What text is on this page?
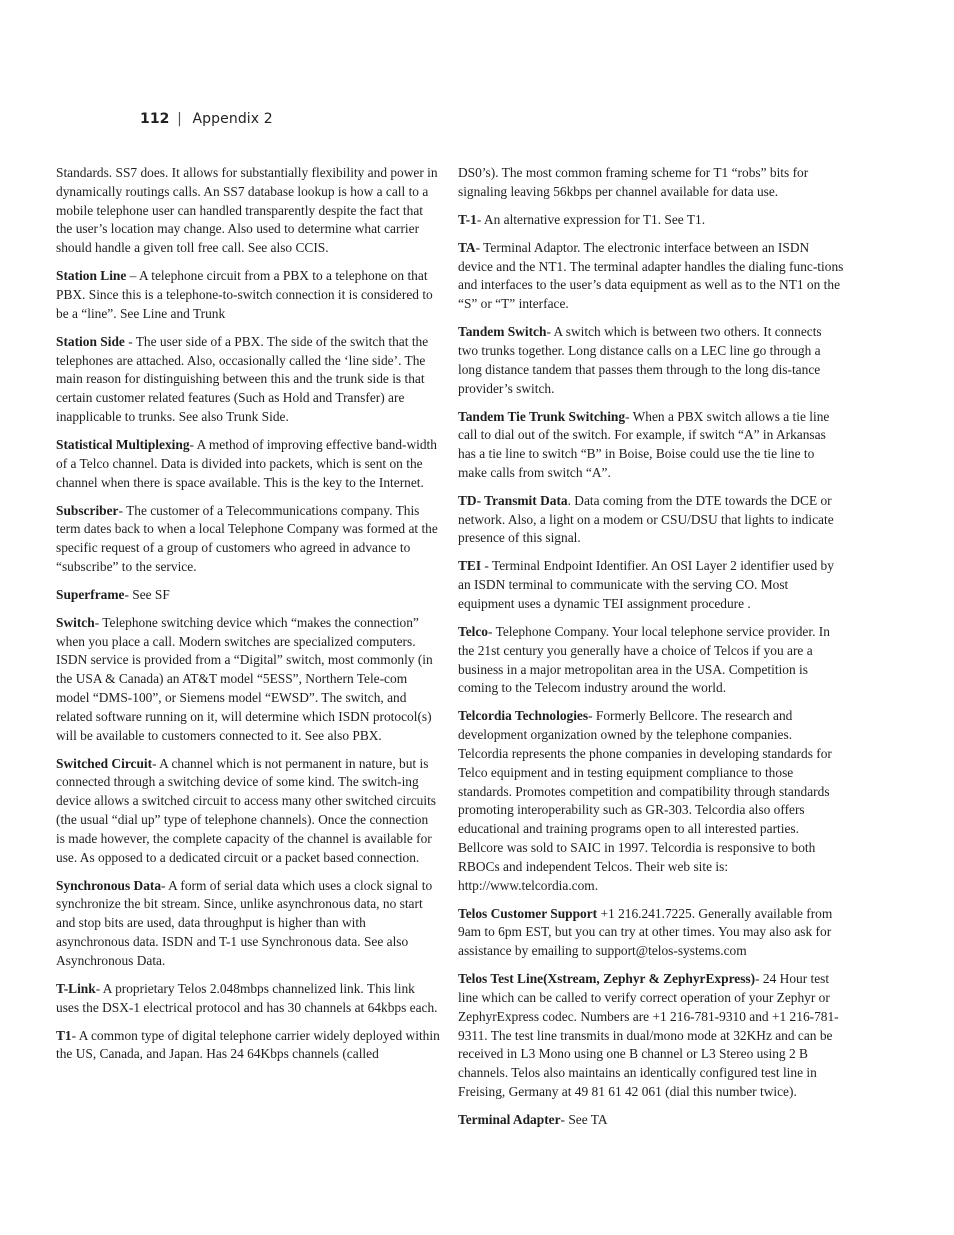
112 | Appendix 2

Standards. SS7 does. It allows for substantially flexibility and power in dynamically routings calls. An SS7 database lookup is how a call to a mobile telephone user can handled transparently despite the fact that the user’s location may change. Also used to determine what carrier should handle a given toll free call. See also CCIS.

Station Line – A telephone circuit from a PBX to a telephone on that PBX. Since this is a telephone-to-switch connection it is considered to be a “line”. See Line and Trunk

Station Side - The user side of a PBX. The side of the switch that the telephones are attached. Also, occasionally called the ‘line side’. The main reason for distinguishing between this and the trunk side is that certain customer related features (Such as Hold and Transfer) are inapplicable to trunks. See also Trunk Side.

Statistical Multiplexing- A method of improving effective band-width of a Telco channel. Data is divided into packets, which is sent on the channel when there is space available. This is the key to the Internet.

Subscriber- The customer of a Telecommunications company. This term dates back to when a local Telephone Company was formed at the specific request of a group of customers who agreed in advance to “subscribe” to the service.

Superframe- See SF

Switch- Telephone switching device which “makes the connection” when you place a call. Modern switches are specialized computers. ISDN service is provided from a “Digital” switch, most commonly (in the USA & Canada) an AT&T model “5ESS”, Northern Tele-com model “DMS-100”, or Siemens model “EWSD”. The switch, and related software running on it, will determine which ISDN protocol(s) will be available to customers connected to it. See also PBX.

Switched Circuit- A channel which is not permanent in nature, but is connected through a switching device of some kind. The switch-ing device allows a switched circuit to access many other switched circuits (the usual “dial up” type of telephone channels). Once the connection is made however, the complete capacity of the channel is available for use. As opposed to a dedicated circuit or a packet based connection.

Synchronous Data- A form of serial data which uses a clock signal to synchronize the bit stream. Since, unlike asynchronous data, no start and stop bits are used, data throughput is higher than with asynchronous data. ISDN and T-1 use Synchronous data. See also Asynchronous Data.

T-Link- A proprietary Telos 2.048mbps channelized link. This link uses the DSX-1 electrical protocol and has 30 channels at 64kbps each.

T1- A common type of digital telephone carrier widely deployed within the US, Canada, and Japan. Has 24 64Kbps channels (called

DS0’s). The most common framing scheme for T1 “robs” bits for signaling leaving 56kbps per channel available for data use.

T-1- An alternative expression for T1. See T1.

TA- Terminal Adaptor. The electronic interface between an ISDN device and the NT1. The terminal adapter handles the dialing func-tions and interfaces to the user’s data equipment as well as to the NT1 on the “S” or “T” interface.

Tandem Switch- A switch which is between two others. It connects two trunks together. Long distance calls on a LEC line go through a long distance tandem that passes them through to the long dis-tance provider’s switch.

Tandem Tie Trunk Switching- When a PBX switch allows a tie line call to dial out of the switch. For example, if switch “A” in Arkansas has a tie line to switch “B” in Boise, Boise could use the tie line to make calls from switch “A”.

TD- Transmit Data. Data coming from the DTE towards the DCE or network. Also, a light on a modem or CSU/DSU that lights to indicate presence of this signal.

TEI - Terminal Endpoint Identifier. An OSI Layer 2 identifier used by an ISDN terminal to communicate with the serving CO. Most equipment uses a dynamic TEI assignment procedure .

Telco- Telephone Company. Your local telephone service provider. In the 21st century you generally have a choice of Telcos if you are a business in a major metropolitan area in the USA. Competition is coming to the Telecom industry around the world.

Telcordia Technologies- Formerly Bellcore. The research and development organization owned by the telephone companies. Telcordia represents the phone companies in developing standards for Telco equipment and in testing equipment compliance to those standards. Promotes competition and compatibility through standards promoting interoperability such as GR-303. Telcordia also offers educational and training programs open to all interested parties. Bellcore was sold to SAIC in 1997. Telcordia is responsive to both RBOCs and independent Telcos. Their web site is: http://www.telcordia.com.

Telos Customer Support +1 216.241.7225. Generally available from 9am to 6pm EST, but you can try at other times. You may also ask for assistance by emailing to support@telos-systems.com

Telos Test Line(Xstream, Zephyr & ZephyrExpress)- 24 Hour test line which can be called to verify correct operation of your Zephyr or ZephyrExpress codec. Numbers are +1 216-781-9310 and +1 216-781-9311. The test line transmits in dual/mono mode at 32KHz and can be received in L3 Mono using one B channel or L3 Stereo using 2 B channels. Telos also maintains an identically configured test line in Freising, Germany at 49 81 61 42 061 (dial this number twice).

Terminal Adapter- See TA
